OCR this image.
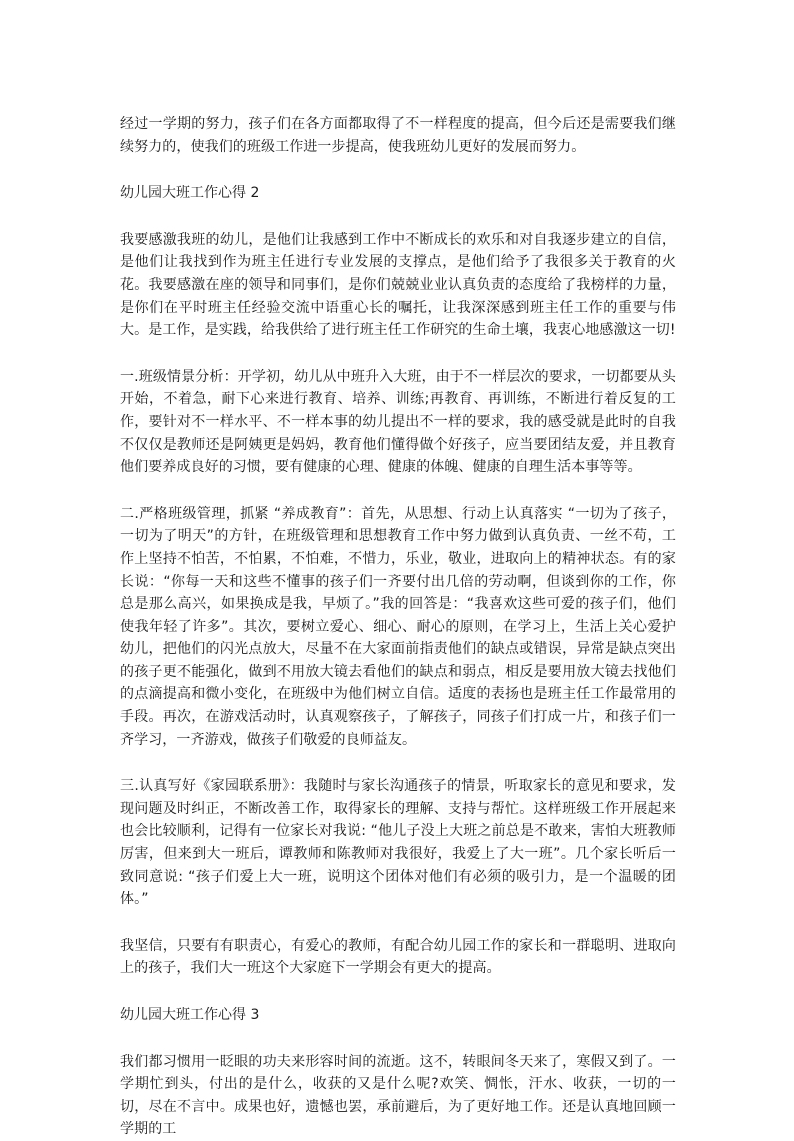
经过一学期的努力，孩子们在各方面都取得了不一样程度的提高，但今后还是需要我们继续努力的，使我们的班级工作进一步提高，使我班幼儿更好的发展而努力。

幼儿园大班工作心得 2

我要感激我班的幼儿，是他们让我感到工作中不断成长的欢乐和对自我逐步建立的自信，是他们让我找到作为班主任进行专业发展的支撑点，是他们给予了我很多关于教育的火花。我要感激在座的领导和同事们，是你们兢兢业业认真负责的态度给了我榜样的力量，是你们在平时班主任经验交流中语重心长的嘱托，让我深深感到班主任工作的重要与伟大。是工作，是实践，给我供给了进行班主任工作研究的生命土壤，我衷心地感激这一切!

一.班级情景分析：开学初，幼儿从中班升入大班，由于不一样层次的要求，一切都要从头开始，不着急，耐下心来进行教育、培养、训练;再教育、再训练，不断进行着反复的工作，要针对不一样水平、不一样本事的幼儿提出不一样的要求，我的感受就是此时的自我不仅仅是教师还是阿姨更是妈妈，教育他们懂得做个好孩子，应当要团结友爱，并且教育他们要养成良好的习惯，要有健康的心理、健康的体魄、健康的自理生活本事等等。

二.严格班级管理，抓紧 “养成教育”：首先，从思想、行动上认真落实 “一切为了孩子，一切为了明天”的方针，在班级管理和思想教育工作中努力做到认真负责、一丝不苟，工作上坚持不怕苦，不怕累，不怕难，不惜力，乐业，敬业，进取向上的精神状态。有的家长说：“你每一天和这些不懂事的孩子们一齐要付出几倍的劳动啊，但谈到你的工作，你总是那么高兴，如果换成是我，早烦了。”我的回答是：“我喜欢这些可爱的孩子们，他们使我年轻了许多”。其次，要树立爱心、细心、耐心的原则，在学习上，生活上关心爱护幼儿，把他们的闪光点放大，尽量不在大家面前指责他们的缺点或错误，异常是缺点突出的孩子更不能强化，做到不用放大镜去看他们的缺点和弱点，相反是要用放大镜去找他们的点滴提高和微小变化，在班级中为他们树立自信。适度的表扬也是班主任工作最常用的手段。再次，在游戏活动时，认真观察孩子，了解孩子，同孩子们打成一片，和孩子们一齐学习，一齐游戏，做孩子们敬爱的良师益友。

三.认真写好《家园联系册》：我随时与家长沟通孩子的情景，听取家长的意见和要求，发现问题及时纠正，不断改善工作，取得家长的理解、支持与帮忙。这样班级工作开展起来也会比较顺利，记得有一位家长对我说: “他儿子没上大班之前总是不敢来，害怕大班教师厉害，但来到大一班后，谭教师和陈教师对我很好，我爱上了大一班”。几个家长听后一致同意说: “孩子们爱上大一班，说明这个团体对他们有必须的吸引力，是一个温暖的团体。”

我坚信，只要有有职责心，有爱心的教师，有配合幼儿园工作的家长和一群聪明、进取向上的孩子，我们大一班这个大家庭下一学期会有更大的提高。

幼儿园大班工作心得 3

我们都习惯用一眨眼的功夫来形容时间的流逝。这不，转眼间冬天来了，寒假又到了。一学期忙到头，付出的是什么，收获的又是什么呢?欢笑、惆怅，汗水、收获，一切的一切，尽在不言中。成果也好，遗憾也罢，承前避后，为了更好地工作。还是认真地回顾一学期的工
